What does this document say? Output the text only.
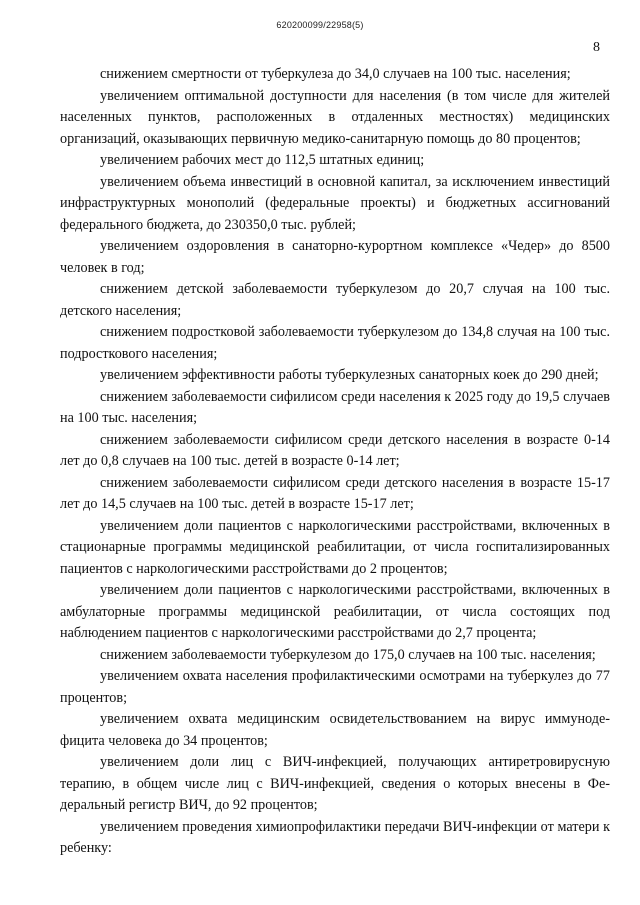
620200099/22958(5)
8

снижением смертности от туберкулеза до 34,0 случаев на 100 тыс. населения;

увеличением оптимальной доступности для населения (в том числе для жителей населенных пунктов, расположенных в отдаленных местностях) медицинских организаций, оказывающих первичную медико-санитарную помощь до 80 процентов;

увеличением рабочих мест до 112,5 штатных единиц;

увеличением объема инвестиций в основной капитал, за исключением инвестиций инфраструктурных монополий (федеральные проекты) и бюджетных ассигнований федерального бюджета, до 230350,0 тыс. рублей;

увеличением оздоровления в санаторно-курортном комплексе «Чедер» до 8500 человек в год;

снижением детской заболеваемости туберкулезом до 20,7 случая на 100 тыс. детского населения;

снижением подростковой заболеваемости туберкулезом до 134,8 случая на 100 тыс. подросткового населения;

увеличением эффективности работы туберкулезных санаторных коек до 290 дней;

снижением заболеваемости сифилисом среди населения к 2025 году до 19,5 случаев на 100 тыс. населения;

снижением заболеваемости сифилисом среди детского населения в возрасте 0-14 лет до 0,8 случаев на 100 тыс. детей в возрасте 0-14 лет;

снижением заболеваемости сифилисом среди детского населения в возрасте 15-17 лет до 14,5 случаев на 100 тыс. детей в возрасте 15-17 лет;

увеличением доли пациентов с наркологическими расстройствами, включенных в стационарные программы медицинской реабилитации, от числа госпитализированных пациентов с наркологическими расстройствами до 2 процентов;

увеличением доли пациентов с наркологическими расстройствами, включенных в амбулаторные программы медицинской реабилитации, от числа состоящих под наблюдением пациентов с наркологическими расстройствами до 2,7 процента;

снижением заболеваемости туберкулезом до 175,0 случаев на 100 тыс. населения;

увеличением охвата населения профилактическими осмотрами на туберкулез до 77 процентов;

увеличением охвата медицинским освидетельствованием на вирус иммунодефицита человека до 34 процентов;

увеличением доли лиц с ВИЧ-инфекцией, получающих антиретровирусную терапию, в общем числе лиц с ВИЧ-инфекцией, сведения о которых внесены в Федеральный регистр ВИЧ, до 92 процентов;

увеличением проведения химиопрофилактики передачи ВИЧ-инфекции от матери к ребенку:
